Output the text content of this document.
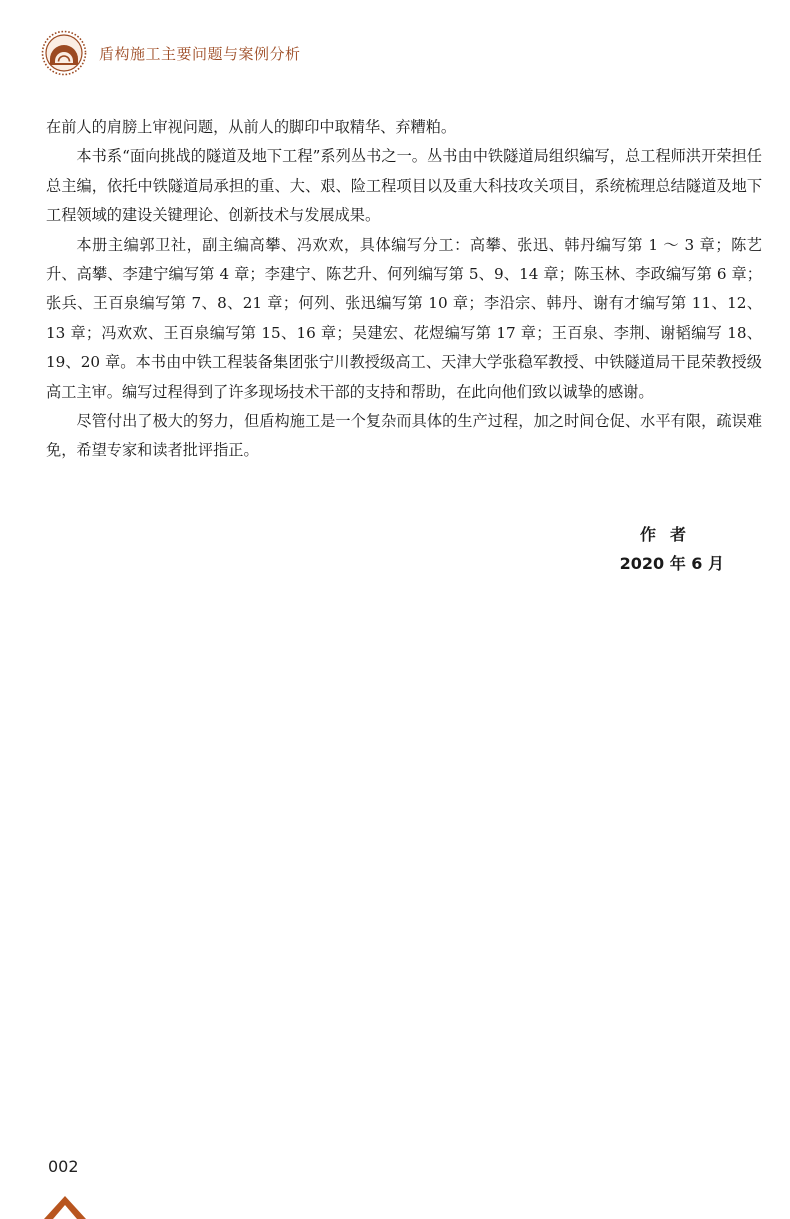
盾构施工主要问题与案例分析

在前人的肩膀上审视问题，从前人的脚印中取精华、弃糟粕。

本书系“面向挑战的隧道及地下工程”系列丛书之一。丛书由中铁隧道局组织编写，总工程师洪开荣担任总主编，依托中铁隧道局承担的重、大、艰、险工程项目以及重大科技攻关项目，系统梳理总结隧道及地下工程领域的建设关键理论、创新技术与发展成果。

本册主编郭卫社，副主编高攀、冯欢欢，具体编写分工：高攀、张迅、韩丹编写第 1 ～ 3 章；陈艺升、高攀、李建宁编写第 4 章；李建宁、陈艺升、何列编写第 5、9、14 章；陈玉林、李政编写第 6 章；张兵、王百泉编写第 7、8、21 章；何列、张迅编写第 10 章；李沿宗、韩丹、谢有才编写第 11、12、13 章；冯欢欢、王百泉编写第 15、16 章；吴建宏、花煜编写第 17 章；王百泉、李荆、谢韬编写 18、19、20 章。本书由中铁工程装备集团张宁川教授级高工、天津大学张稳军教授、中铁隧道局干昆荣教授级高工主审。编写过程得到了许多现场技术干部的支持和帮助，在此向他们致以诚挚的感谢。

尽管付出了极大的努力，但盾构施工是一个复杂而具体的生产过程，加之时间仓促、水平有限，疏误难免，希望专家和读者批评指正。

作者
2020 年 6 月
002
